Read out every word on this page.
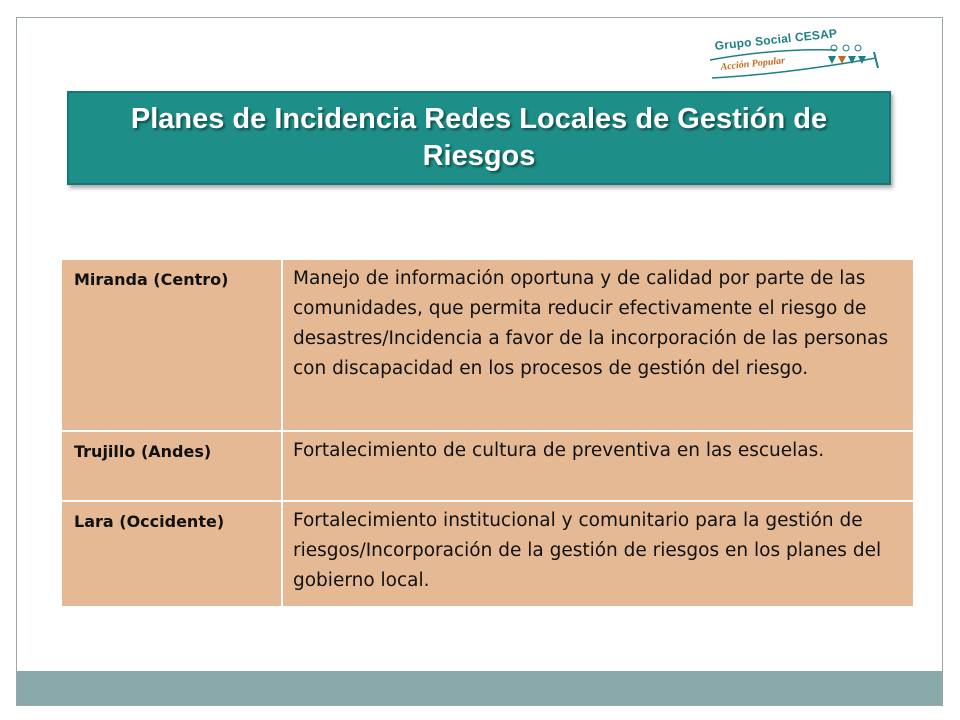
Grupo Social CESAP
Acción Popular
Planes de Incidencia Redes Locales de Gestión de Riesgos
Miranda (Centro)	Manejo de información oportuna y de calidad por parte de las comunidades, que permita reducir efectivamente el riesgo de desastres/Incidencia a favor de la incorporación de las personas con discapacidad en los procesos de gestión del riesgo.
Trujillo (Andes)	Fortalecimiento de cultura de preventiva en las escuelas.
Lara (Occidente)	Fortalecimiento institucional y comunitario para la gestión de riesgos/Incorporación de la gestión de riesgos en los planes del gobierno local.
